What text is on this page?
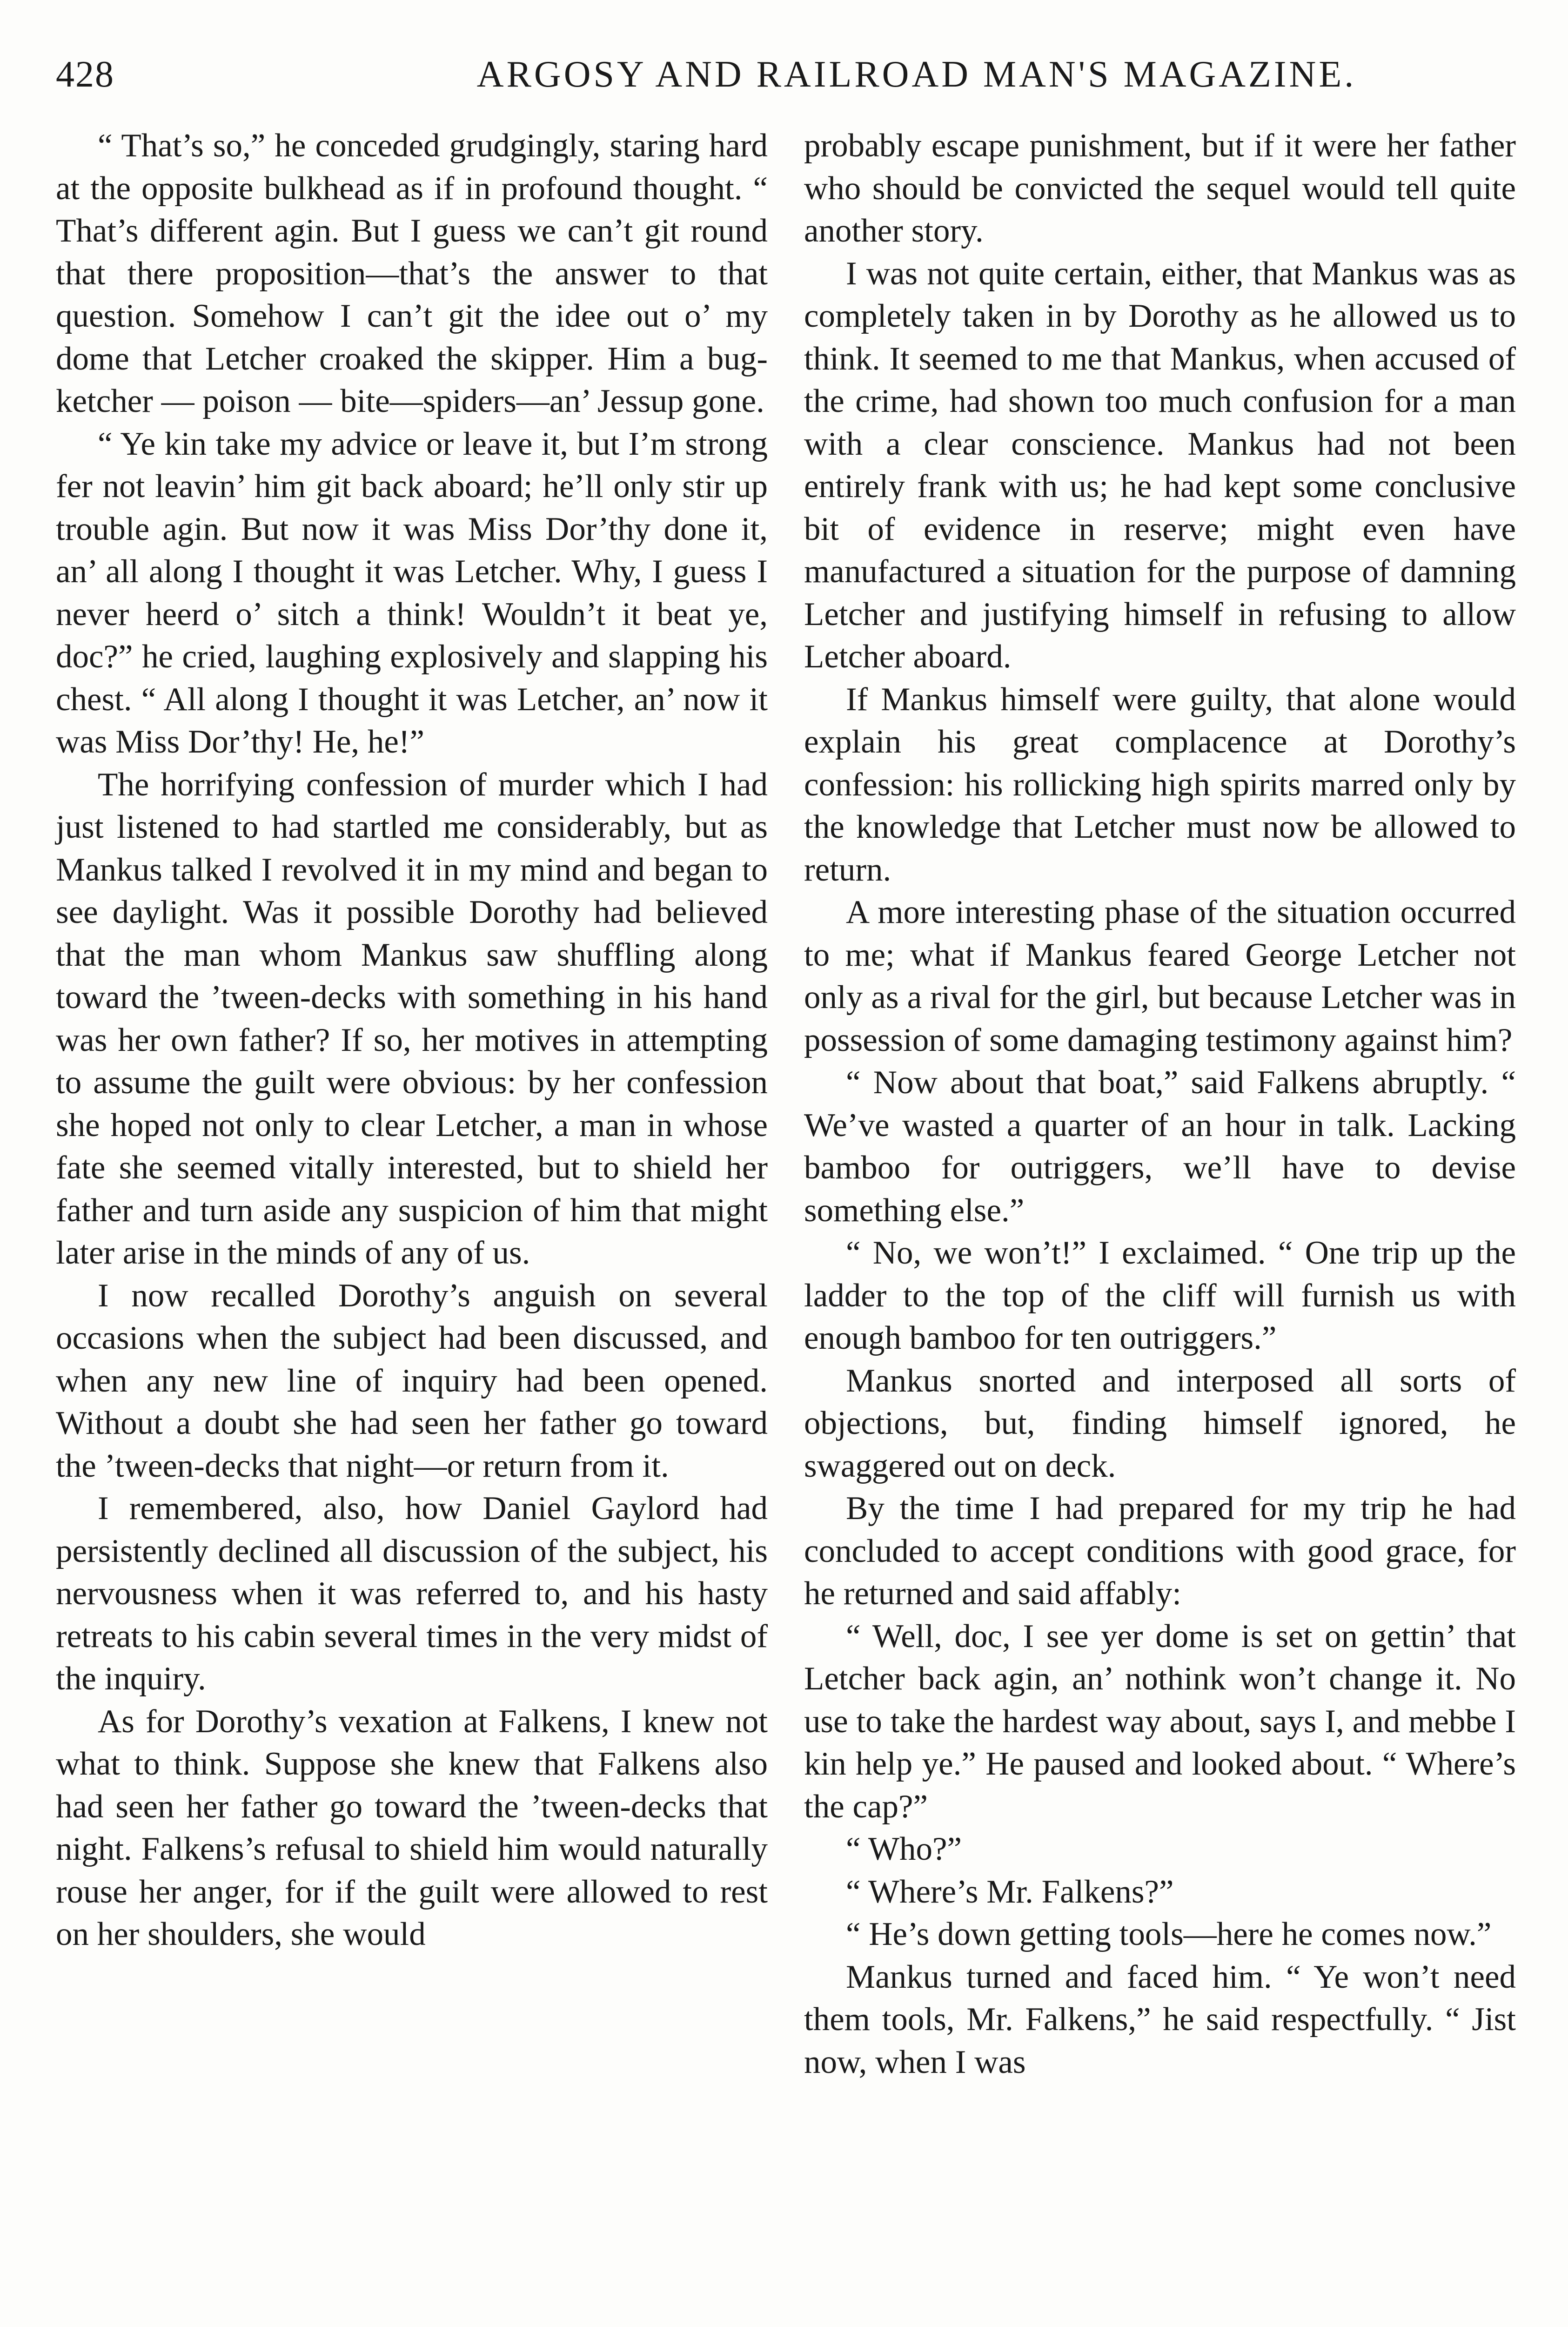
428	ARGOSY AND RAILROAD MAN'S MAGAZINE.

“ That’s so,” he conceded grudgingly, staring hard at the opposite bulkhead as if in profound thought. “ That’s different agin. But I guess we can’t git round that there proposition—that’s the answer to that question. Somehow I can’t git the idee out o’ my dome that Letcher croaked the skipper. Him a bug-ketcher — poison — bite—spiders—an’ Jessup gone.

“ Ye kin take my advice or leave it, but I’m strong fer not leavin’ him git back aboard; he’ll only stir up trouble agin. But now it was Miss Dor’thy done it, an’ all along I thought it was Letcher. Why, I guess I never heerd o’ sitch a think! Wouldn’t it beat ye, doc?” he cried, laughing explosively and slapping his chest. “ All along I thought it was Letcher, an’ now it was Miss Dor’thy! He, he!”

The horrifying confession of murder which I had just listened to had startled me considerably, but as Mankus talked I revolved it in my mind and began to see daylight. Was it possible Dorothy had believed that the man whom Mankus saw shuffling along toward the ’tween-decks with something in his hand was her own father? If so, her motives in attempting to assume the guilt were obvious: by her confession she hoped not only to clear Letcher, a man in whose fate she seemed vitally interested, but to shield her father and turn aside any suspicion of him that might later arise in the minds of any of us.

I now recalled Dorothy’s anguish on several occasions when the subject had been discussed, and when any new line of inquiry had been opened. Without a doubt she had seen her father go toward the ’tween-decks that night—or return from it.

I remembered, also, how Daniel Gaylord had persistently declined all discussion of the subject, his nervousness when it was referred to, and his hasty retreats to his cabin several times in the very midst of the inquiry.

As for Dorothy’s vexation at Falkens, I knew not what to think. Suppose she knew that Falkens also had seen her father go toward the ’tween-decks that night. Falkens’s refusal to shield him would naturally rouse her anger, for if the guilt were allowed to rest on her shoulders, she would

probably escape punishment, but if it were her father who should be convicted the sequel would tell quite another story.

I was not quite certain, either, that Mankus was as completely taken in by Dorothy as he allowed us to think. It seemed to me that Mankus, when accused of the crime, had shown too much confusion for a man with a clear conscience. Mankus had not been entirely frank with us; he had kept some conclusive bit of evidence in reserve; might even have manufactured a situation for the purpose of damning Letcher and justifying himself in refusing to allow Letcher aboard.

If Mankus himself were guilty, that alone would explain his great complacence at Dorothy’s confession: his rollicking high spirits marred only by the knowledge that Letcher must now be allowed to return.

A more interesting phase of the situation occurred to me; what if Mankus feared George Letcher not only as a rival for the girl, but because Letcher was in possession of some damaging testimony against him?

“ Now about that boat,” said Falkens abruptly. “ We’ve wasted a quarter of an hour in talk. Lacking bamboo for outriggers, we’ll have to devise something else.”

“ No, we won’t!” I exclaimed. “ One trip up the ladder to the top of the cliff will furnish us with enough bamboo for ten outriggers.”

Mankus snorted and interposed all sorts of objections, but, finding himself ignored, he swaggered out on deck.

By the time I had prepared for my trip he had concluded to accept conditions with good grace, for he returned and said affably:

“ Well, doc, I see yer dome is set on gettin’ that Letcher back agin, an’ nothink won’t change it. No use to take the hardest way about, says I, and mebbe I kin help ye.” He paused and looked about. “ Where’s the cap?”

“ Who?”

“ Where’s Mr. Falkens?”

“ He’s down getting tools—here he comes now.”

Mankus turned and faced him. “ Ye won’t need them tools, Mr. Falkens,” he said respectfully. “ Jist now, when I was
